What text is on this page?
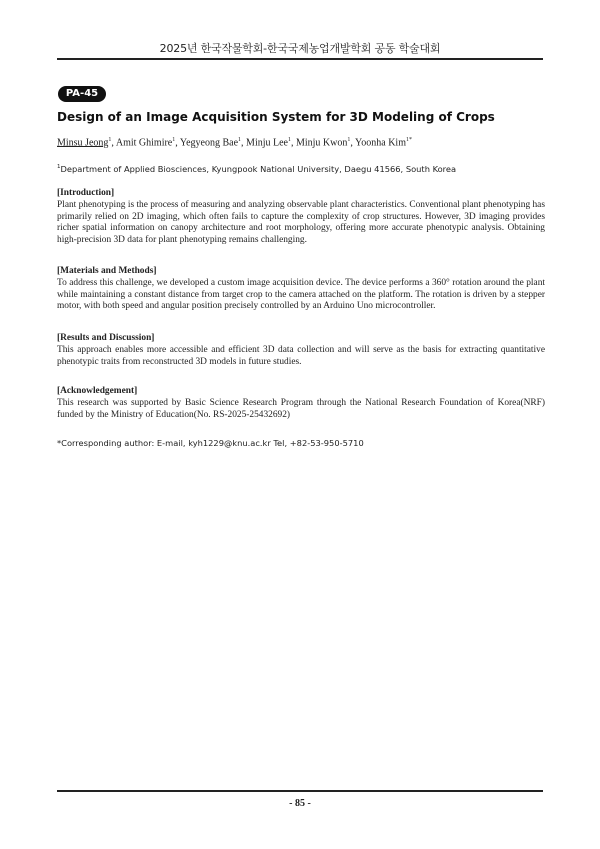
2025년 한국작물학회-한국국제농업개발학회 공동 학술대회
PA-45
Design of an Image Acquisition System for 3D Modeling of Crops
Minsu Jeong$^1$, Amit Ghimire$^1$, Yegyeong Bae$^1$, Minju Lee$^1$, Minju Kwon$^1$, Yoonha Kim$^{1*}$
$^1$Department of Applied Biosciences, Kyungpook National University, Daegu 41566, South Korea
[Introduction]

Plant phenotyping is the process of measuring and analyzing observable plant characteristics. Conventional plant phenotyping has primarily relied on 2D imaging, which often fails to capture the complexity of crop structures. However, 3D imaging provides richer spatial information on canopy architecture and root morphology, offering more accurate phenotypic analysis. Obtaining high-precision 3D data for plant phenotyping remains challenging.

[Materials and Methods]

To address this challenge, we developed a custom image acquisition device. The device performs a 360° rotation around the plant while maintaining a constant distance from target crop to the camera attached on the platform. The rotation is driven by a stepper motor, with both speed and angular position precisely controlled by an Arduino Uno microcontroller.

[Results and Discussion]

This approach enables more accessible and efficient 3D data collection and will serve as the basis for extracting quantitative phenotypic traits from reconstructed 3D models in future studies.

[Acknowledgement]

This research was supported by Basic Science Research Program through the National Research Foundation of Korea(NRF) funded by the Ministry of Education(No. RS-2025-25432692)

*Corresponding author: E-mail, kyh1229@knu.ac.kr Tel, +82-53-950-5710
- 85 -
